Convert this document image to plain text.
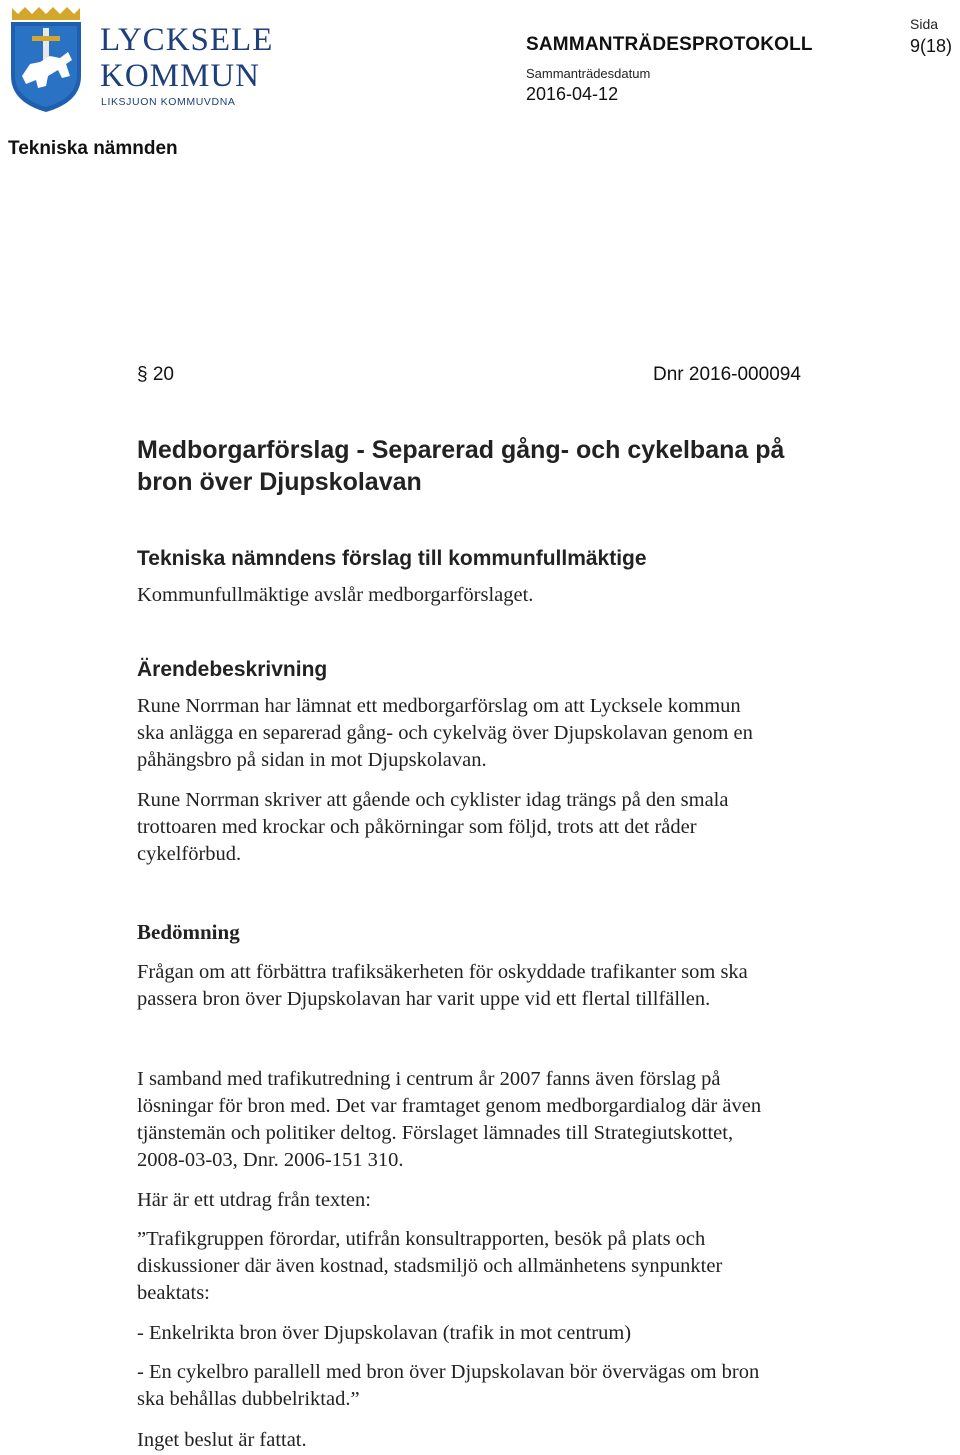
LYCKSELE
KOMMUN
LIKSJUON KOMMUVDNA
SAMMANTRÄDESPROTOKOLL
Sida
9(18)
Sammanträdesdatum
2016-04-12
Tekniska nämnden
§ 20	Dnr 2016-000094
Medborgarförslag - Separerad gång- och cykelbana på
bron över Djupskolavan
Tekniska nämndens förslag till kommunfullmäktige

Kommunfullmäktige avslår medborgarförslaget.

Ärendebeskrivning

Rune Norrman har lämnat ett medborgarförslag om att Lycksele kommun

ska anlägga en separerad gång- och cykelväg över Djupskolavan genom en

påhängsbro på sidan in mot Djupskolavan.

Rune Norrman skriver att gående och cyklister idag trängs på den smala

trottoaren med krockar och påkörningar som följd, trots att det råder

cykelförbud.

Bedömning

Frågan om att förbättra trafiksäkerheten för oskyddade trafikanter som ska

passera bron över Djupskolavan har varit uppe vid ett flertal tillfällen.

I samband med trafikutredning i centrum år 2007 fanns även förslag på

lösningar för bron med. Det var framtaget genom medborgardialog där även

tjänstemän och politiker deltog. Förslaget lämnades till Strategiutskottet,

2008-03-03, Dnr. 2006-151 310.

Här är ett utdrag från texten:

”Trafikgruppen förordar, utifrån konsultrapporten, besök på plats och

diskussioner där även kostnad, stadsmiljö och allmänhetens synpunkter

beaktats:

- Enkelrikta bron över Djupskolavan (trafik in mot centrum)

- En cykelbro parallell med bron över Djupskolavan bör övervägas om bron

ska behållas dubbelriktad.”

Inget beslut är fattat.
